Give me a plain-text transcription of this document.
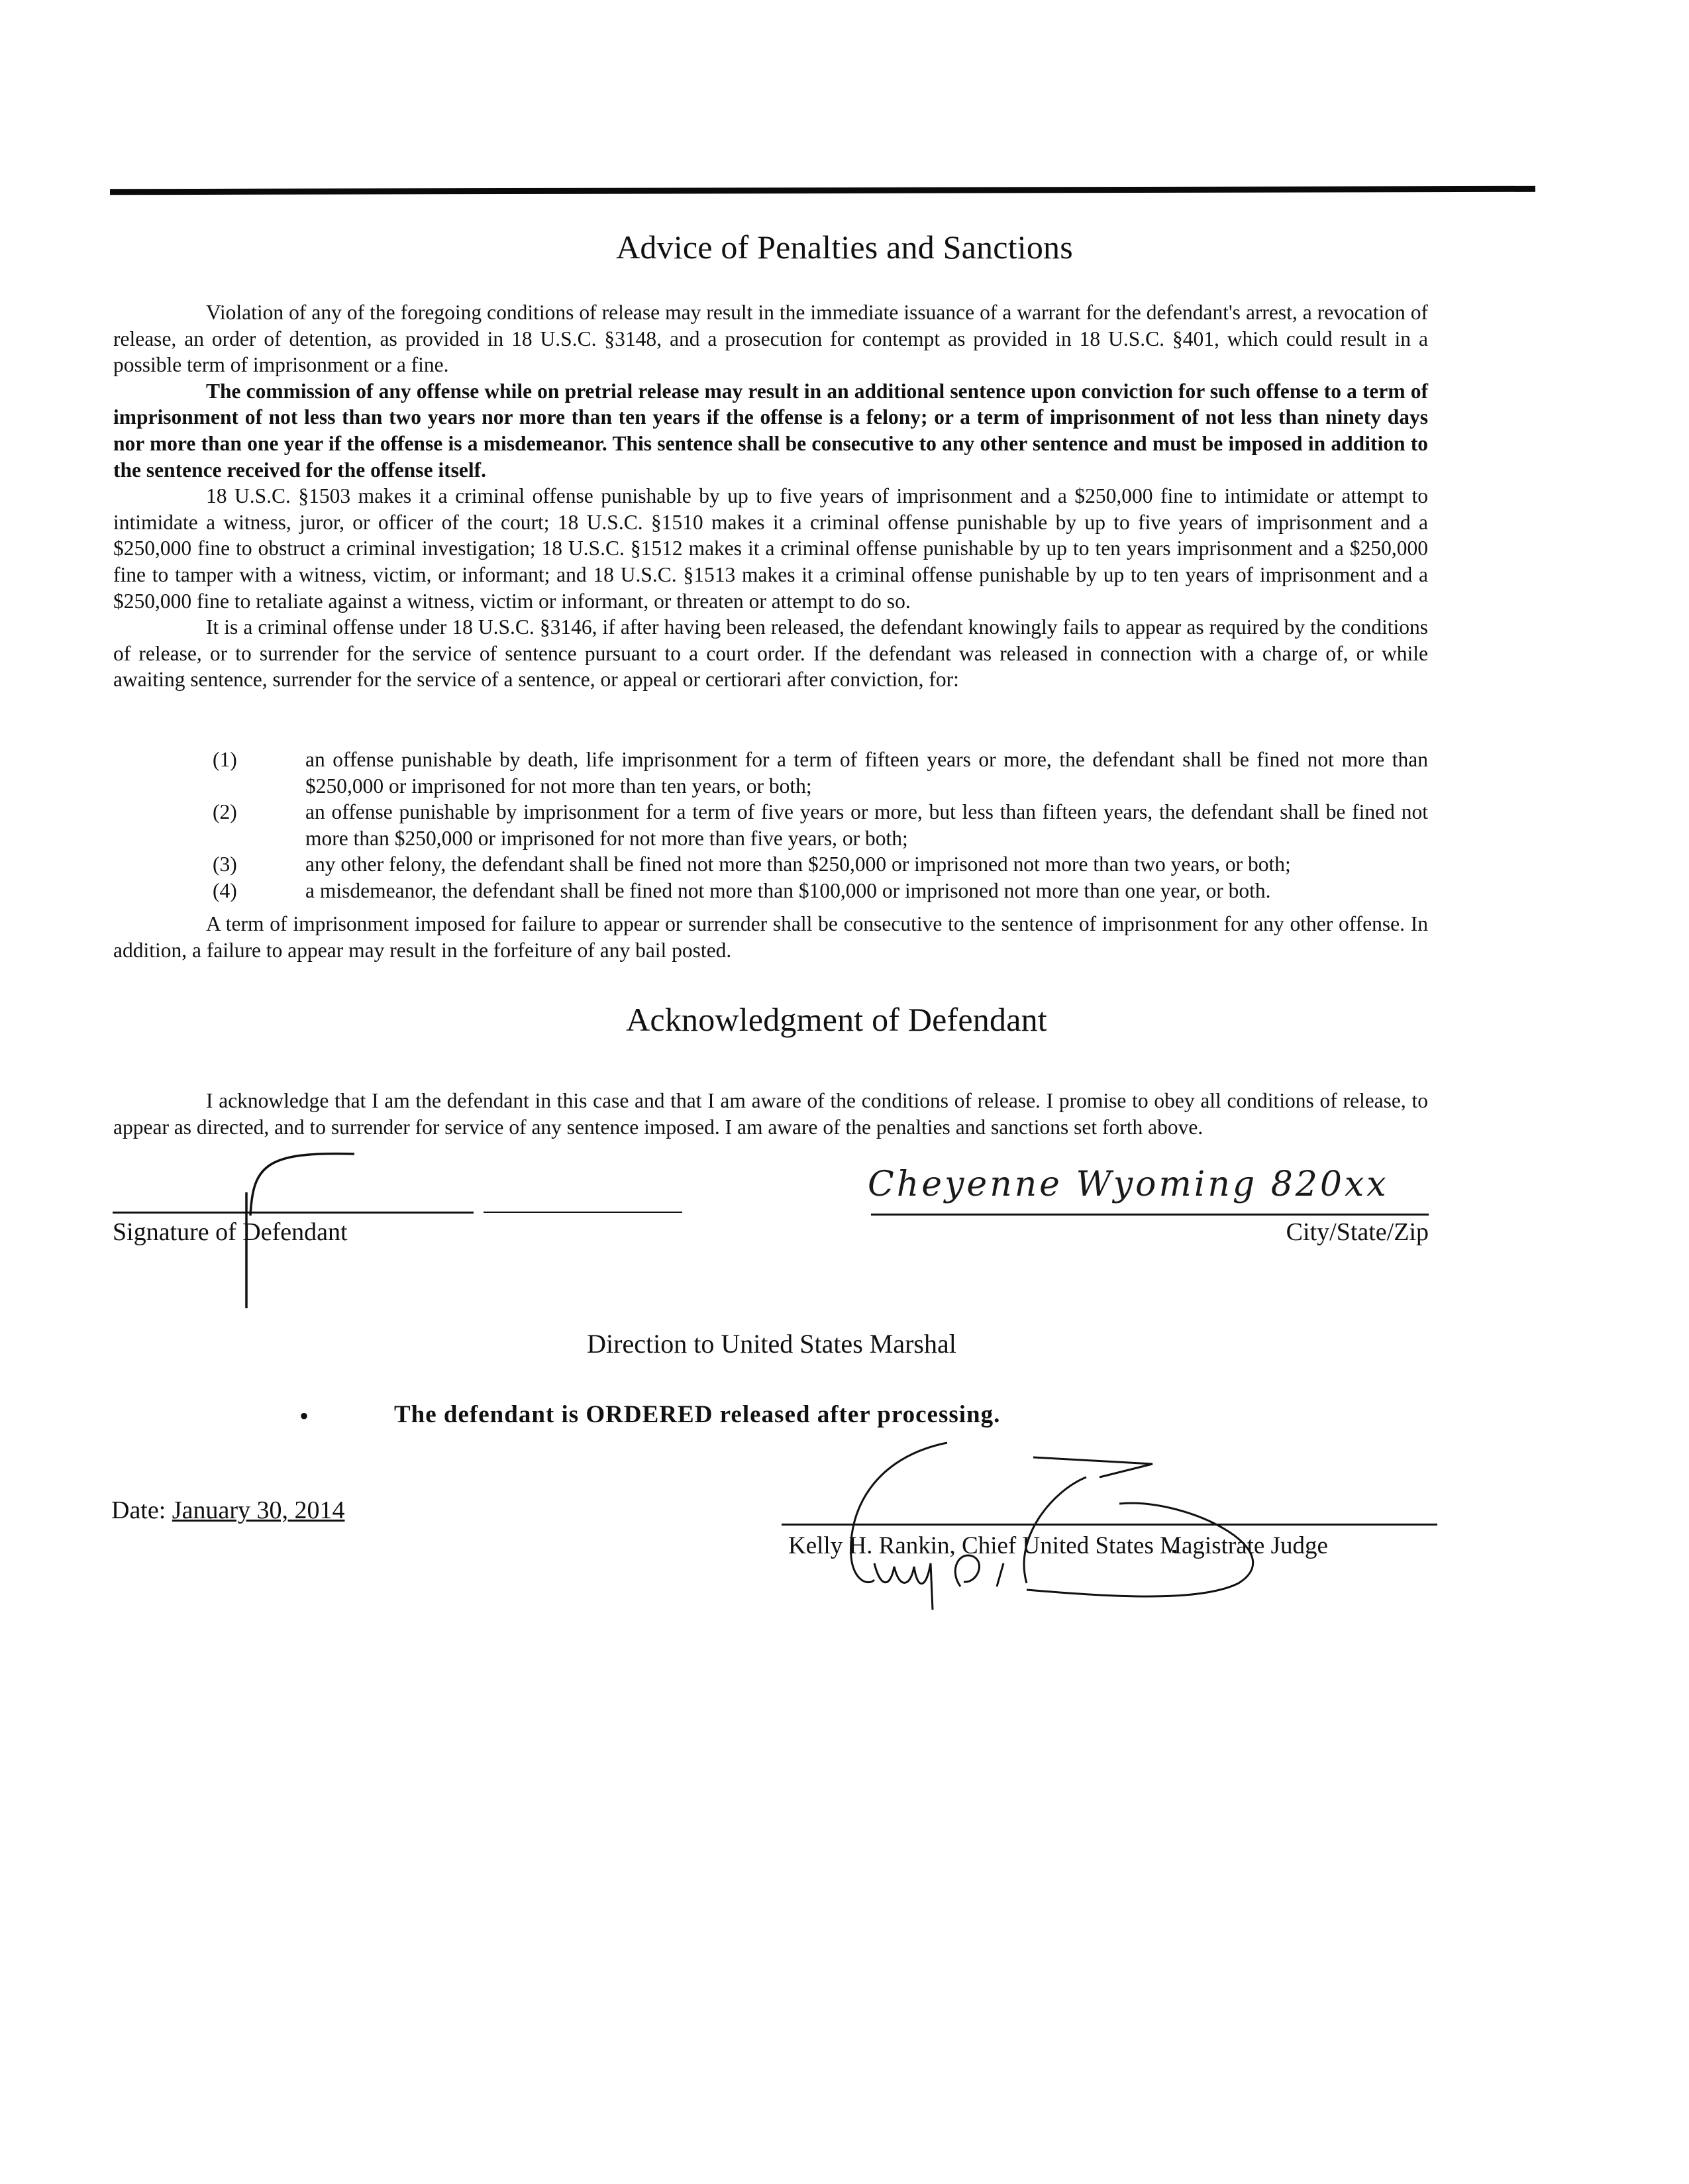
Advice of Penalties and Sanctions

Violation of any of the foregoing conditions of release may result in the immediate issuance of a warrant for the defendant's arrest, a revocation of release, an order of detention, as provided in 18 U.S.C. §3148, and a prosecution for contempt as provided in 18 U.S.C. §401, which could result in a possible term of imprisonment or a fine.

The commission of any offense while on pretrial release may result in an additional sentence upon conviction for such offense to a term of imprisonment of not less than two years nor more than ten years if the offense is a felony; or a term of imprisonment of not less than ninety days nor more than one year if the offense is a misdemeanor. This sentence shall be consecutive to any other sentence and must be imposed in addition to the sentence received for the offense itself.

18 U.S.C. §1503 makes it a criminal offense punishable by up to five years of imprisonment and a $250,000 fine to intimidate or attempt to intimidate a witness, juror, or officer of the court; 18 U.S.C. §1510 makes it a criminal offense punishable by up to five years of imprisonment and a $250,000 fine to obstruct a criminal investigation; 18 U.S.C. §1512 makes it a criminal offense punishable by up to ten years imprisonment and a $250,000 fine to tamper with a witness, victim, or informant; and 18 U.S.C. §1513 makes it a criminal offense punishable by up to ten years of imprisonment and a $250,000 fine to retaliate against a witness, victim or informant, or threaten or attempt to do so.

It is a criminal offense under 18 U.S.C. §3146, if after having been released, the defendant knowingly fails to appear as required by the conditions of release, or to surrender for the service of sentence pursuant to a court order. If the defendant was released in connection with a charge of, or while awaiting sentence, surrender for the service of a sentence, or appeal or certiorari after conviction, for:

(1)	an offense punishable by death, life imprisonment for a term of fifteen years or more, the defendant shall be fined not more than $250,000 or imprisoned for not more than ten years, or both;
(2)	an offense punishable by imprisonment for a term of five years or more, but less than fifteen years, the defendant shall be fined not more than $250,000 or imprisoned for not more than five years, or both;
(3)	any other felony, the defendant shall be fined not more than $250,000 or imprisoned not more than two years, or both;
(4)	a misdemeanor, the defendant shall be fined not more than $100,000 or imprisoned not more than one year, or both.

A term of imprisonment imposed for failure to appear or surrender shall be consecutive to the sentence of imprisonment for any other offense. In addition, a failure to appear may result in the forfeiture of any bail posted.

Acknowledgment of Defendant

I acknowledge that I am the defendant in this case and that I am aware of the conditions of release. I promise to obey all conditions of release, to appear as directed, and to surrender for service of any sentence imposed. I am aware of the penalties and sanctions set forth above.

Signature of Defendant
Cheyenne Wyoming 820xx
City/State/Zip
Direction to United States Marshal
•	The defendant is ORDERED released after processing.
Date: January 30, 2014
Kelly H. Rankin, Chief United States Magistrate Judge
